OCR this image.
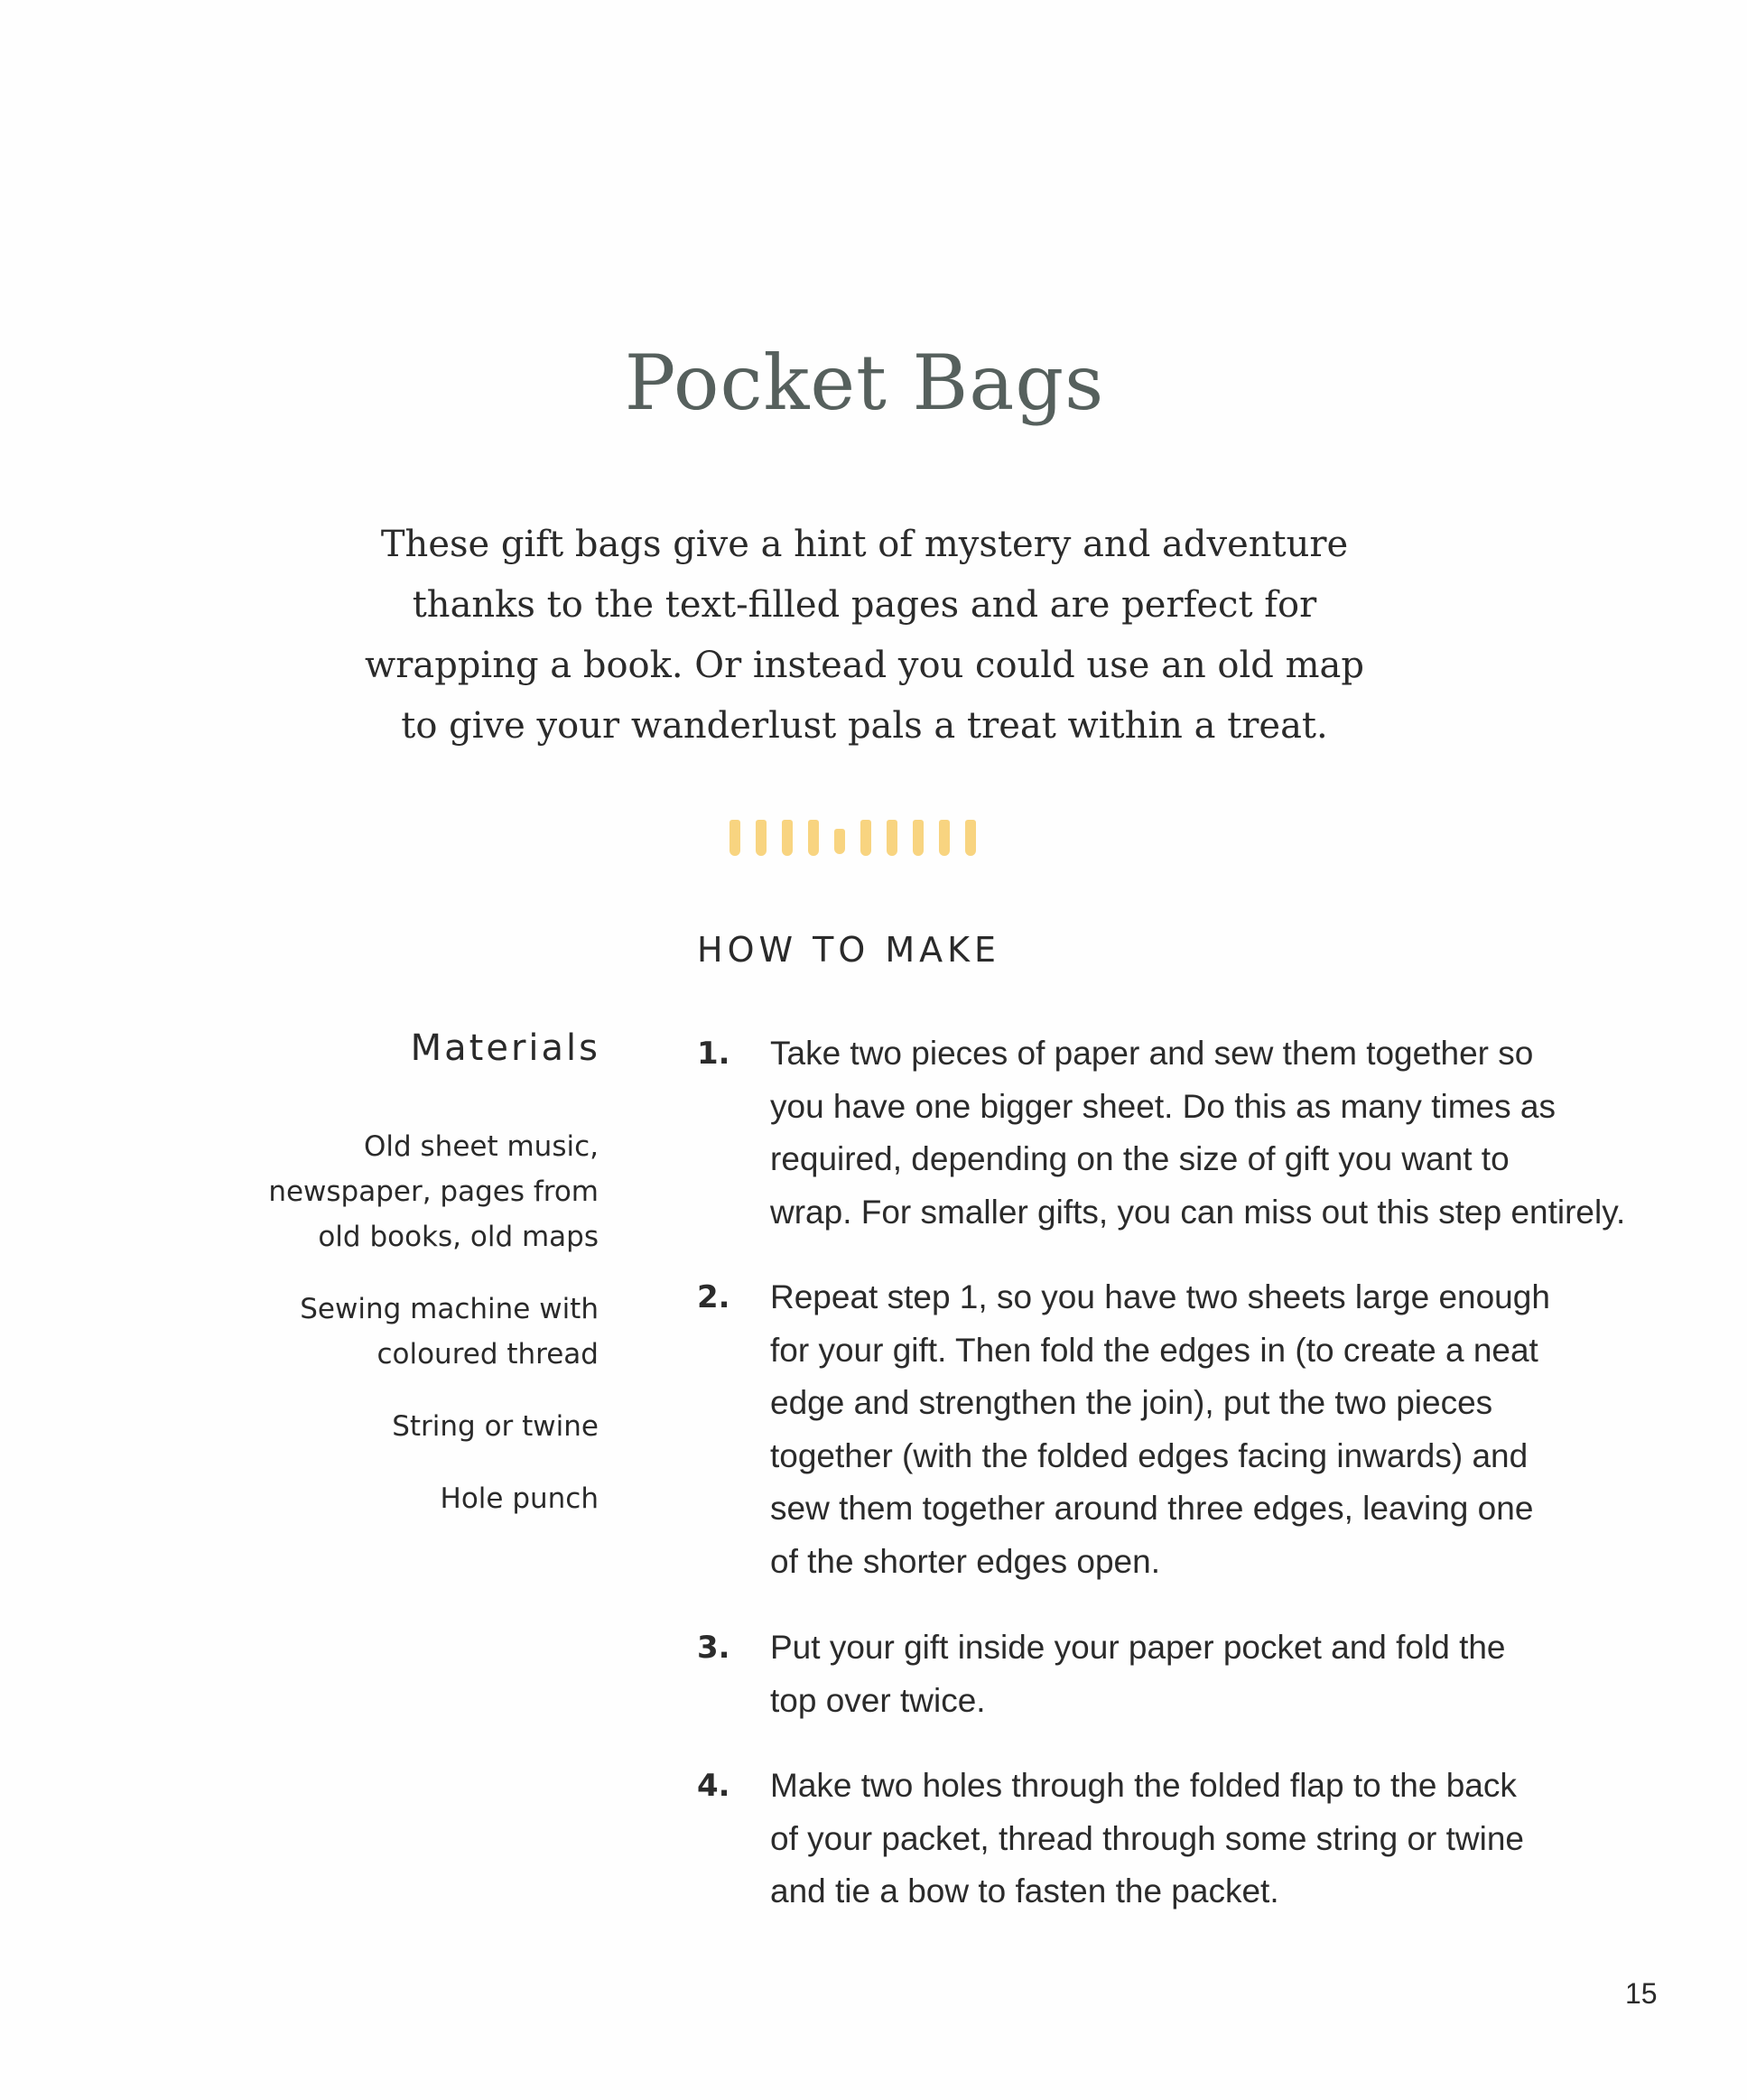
Pocket Bags
These gift bags give a hint of mystery and adventure
thanks to the text-filled pages and are perfect for
wrapping a book. Or instead you could use an old map
to give your wanderlust pals a treat within a treat.
HOW TO MAKE
Materials
Old sheet music,
newspaper, pages from
old books, old maps
Sewing machine with
coloured thread
String or twine
Hole punch
1. Take two pieces of paper and sew them together so
you have one bigger sheet. Do this as many times as
required, depending on the size of gift you want to
wrap. For smaller gifts, you can miss out this step entirely.
2. Repeat step 1, so you have two sheets large enough
for your gift. Then fold the edges in (to create a neat
edge and strengthen the join), put the two pieces
together (with the folded edges facing inwards) and
sew them together around three edges, leaving one
of the shorter edges open.
3. Put your gift inside your paper pocket and fold the
top over twice.
4. Make two holes through the folded flap to the back
of your packet, thread through some string or twine
and tie a bow to fasten the packet.
15
